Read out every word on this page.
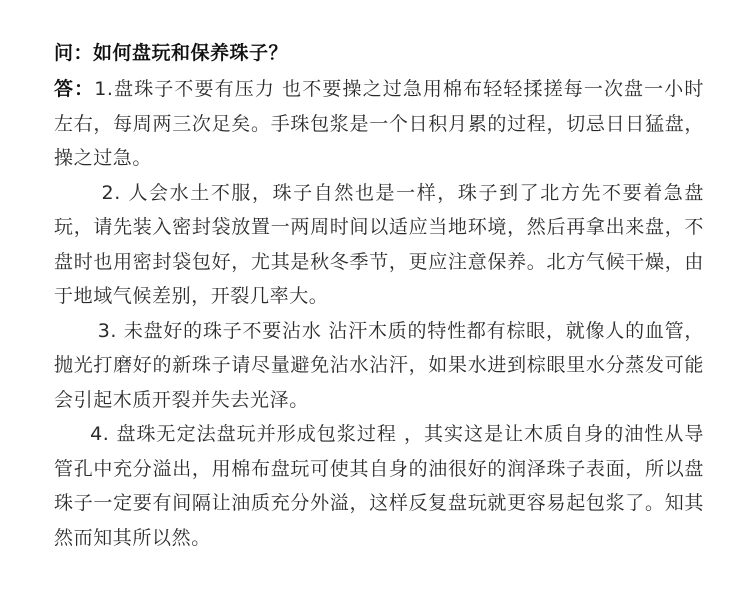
问：如何盘玩和保养珠子？

答：1.盘珠子不要有压力 也不要操之过急用棉布轻轻揉搓每一次盘一小时左右，每周两三次足矣。手珠包浆是一个日积月累的过程，切忌日日猛盘，操之过急。

2. 人会水土不服，珠子自然也是一样，珠子到了北方先不要着急盘玩，请先装入密封袋放置一两周时间以适应当地环境，然后再拿出来盘，不盘时也用密封袋包好，尤其是秋冬季节，更应注意保养。北方气候干燥，由于地域气候差别，开裂几率大。

3. 未盘好的珠子不要沾水 沾汗木质的特性都有棕眼，就像人的血管，抛光打磨好的新珠子请尽量避免沾水沾汗，如果水进到棕眼里水分蒸发可能会引起木质开裂并失去光泽。

4. 盘珠无定法盘玩并形成包浆过程 ，其实这是让木质自身的油性从导管孔中充分溢出，用棉布盘玩可使其自身的油很好的润泽珠子表面，所以盘珠子一定要有间隔让油质充分外溢，这样反复盘玩就更容易起包浆了。知其然而知其所以然。
